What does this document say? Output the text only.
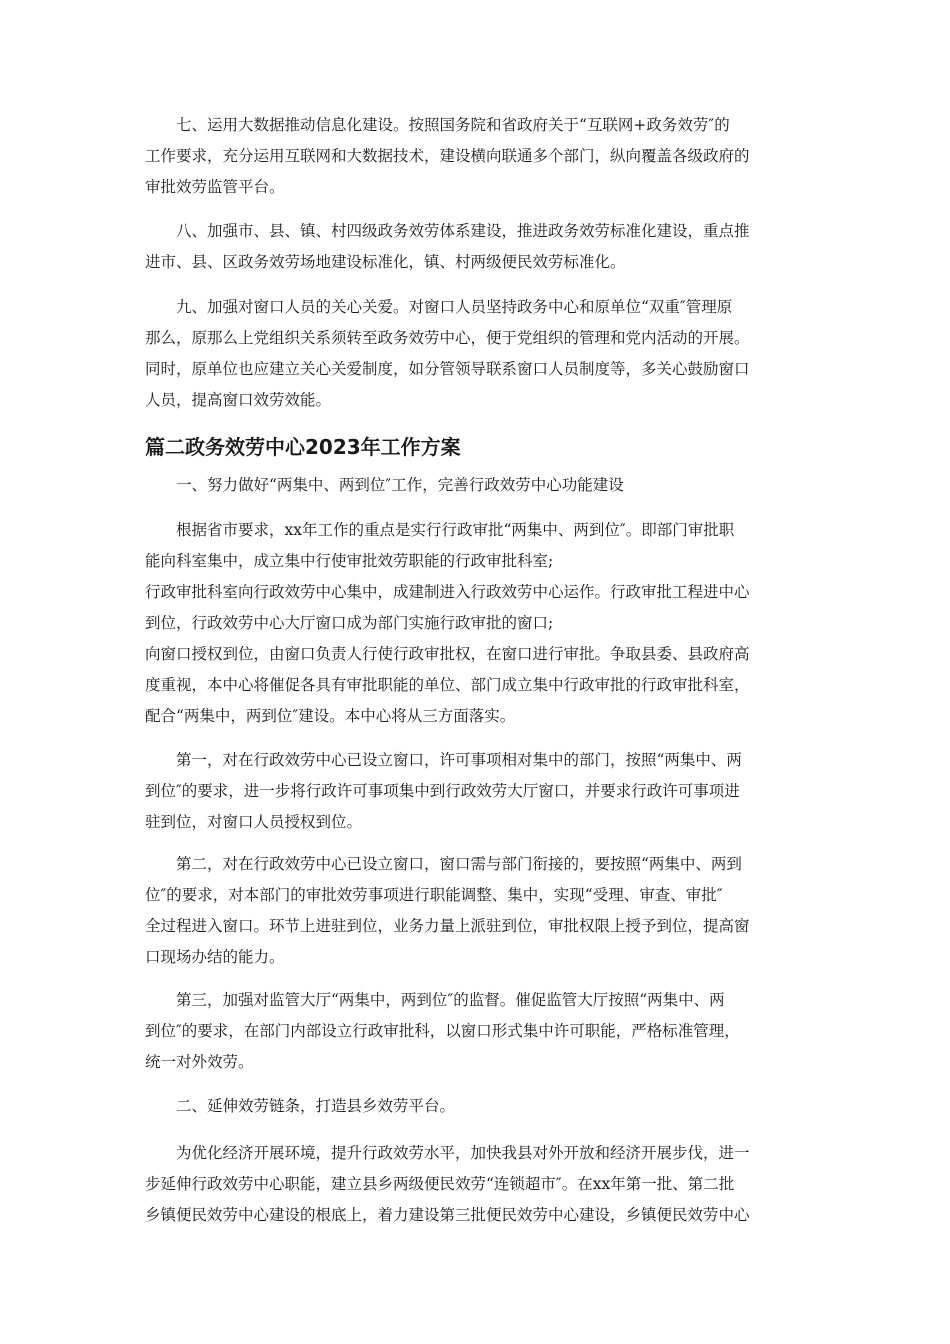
七、运用大数据推动信息化建设。按照国务院和省政府关于“互联网+政务效劳″的
工作要求，充分运用互联网和大数据技术，建设横向联通多个部门，纵向覆盖各级政府的
审批效劳监管平台。

八、加强市、县、镇、村四级政务效劳体系建设，推进政务效劳标准化建设，重点推
进市、县、区政务效劳场地建设标准化，镇、村两级便民效劳标准化。

九、加强对窗口人员的关心关爱。对窗口人员坚持政务中心和原单位“双重″管理原
那么，原那么上党组织关系须转至政务效劳中心，便于党组织的管理和党内活动的开展。
同时，原单位也应建立关心关爱制度，如分管领导联系窗口人员制度等，多关心鼓励窗口
人员，提高窗口效劳效能。

篇二政务效劳中心2023年工作方案

一、努力做好“两集中、两到位″工作，完善行政效劳中心功能建设

根据省市要求，xx年工作的重点是实行行政审批“两集中、两到位″。即部门审批职
能向科室集中，成立集中行使审批效劳职能的行政审批科室;
行政审批科室向行政效劳中心集中，成建制进入行政效劳中心运作。行政审批工程进中心
到位，行政效劳中心大厅窗口成为部门实施行政审批的窗口;
向窗口授权到位，由窗口负责人行使行政审批权，在窗口进行审批。争取县委、县政府高
度重视，本中心将催促各具有审批职能的单位、部门成立集中行政审批的行政审批科室，
配合“两集中，两到位″建设。本中心将从三方面落实。

第一，对在行政效劳中心已设立窗口，许可事项相对集中的部门，按照“两集中、两
到位″的要求，进一步将行政许可事项集中到行政效劳大厅窗口，并要求行政许可事项进
驻到位，对窗口人员授权到位。

第二，对在行政效劳中心已设立窗口，窗口需与部门衔接的，要按照“两集中、两到
位″的要求，对本部门的审批效劳事项进行职能调整、集中，实现“受理、审查、审批″
全过程进入窗口。环节上进驻到位，业务力量上派驻到位，审批权限上授予到位，提高窗
口现场办结的能力。

第三，加强对监管大厅“两集中，两到位″的监督。催促监管大厅按照“两集中、两
到位″的要求，在部门内部设立行政审批科，以窗口形式集中许可职能，严格标准管理，
统一对外效劳。

二、延伸效劳链条，打造县乡效劳平台。

为优化经济开展环境，提升行政效劳水平，加快我县对外开放和经济开展步伐，进一
步延伸行政效劳中心职能，建立县乡两级便民效劳“连锁超市″。在xx年第一批、第二批
乡镇便民效劳中心建设的根底上，着力建设第三批便民效劳中心建设，乡镇便民效劳中心
